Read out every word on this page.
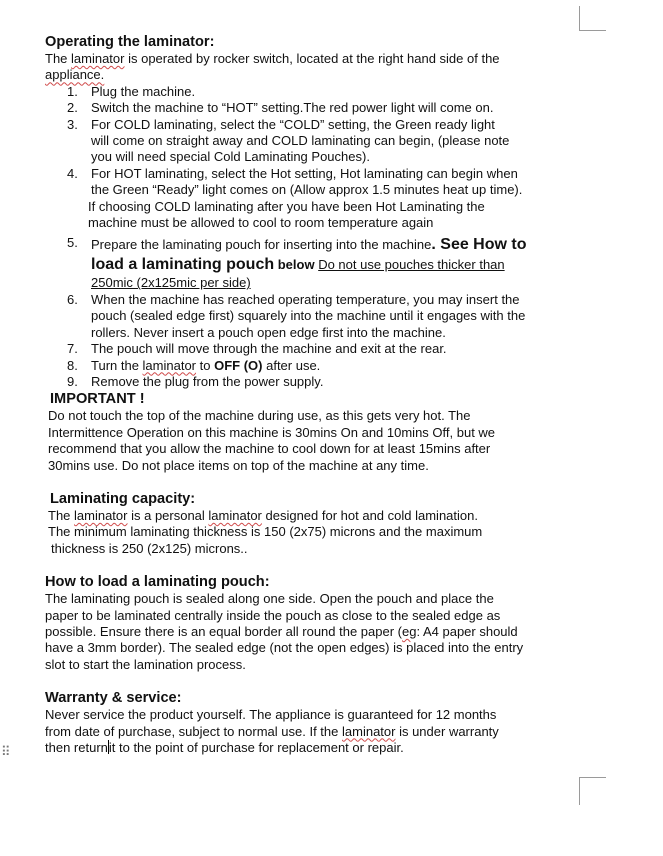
⠿
Operating the laminator:
The laminator is operated by rocker switch, located at the right hand side of the
appliance.
1. Plug the machine.
2. Switch the machine to “HOT” setting.The red power light will come on.
3. For COLD laminating, select the “COLD” setting, the Green ready light
will come on straight away and COLD laminating can begin, (please note
you will need special Cold Laminating Pouches).
4. For HOT laminating, select the Hot setting, Hot laminating can begin when
the Green “Ready” light comes on (Allow approx 1.5 minutes heat up time).
If choosing COLD laminating after you have been Hot Laminating the
machine must be allowed to cool to room temperature again
5. Prepare the laminating pouch for inserting into the machine. See How to
load a laminating pouch below Do not use pouches thicker than
250mic (2x125mic per side)
6. When the machine has reached operating temperature, you may insert the
pouch (sealed edge first) squarely into the machine until it engages with the
rollers. Never insert a pouch open edge first into the machine.
7. The pouch will move through the machine and exit at the rear.
8. Turn the laminator to OFF (O) after use.
9. Remove the plug from the power supply.
IMPORTANT !
Do not touch the top of the machine during use, as this gets very hot. The
Intermittence Operation on this machine is 30mins On and 10mins Off, but we
recommend that you allow the machine to cool down for at least 15mins after
30mins use. Do not place items on top of the machine at any time.
Laminating capacity:
The laminator is a personal laminator designed for hot and cold lamination.
The minimum laminating thickness is 150 (2x75) microns and the maximum
thickness is 250 (2x125) microns..
How to load a laminating pouch:
The laminating pouch is sealed along one side. Open the pouch and place the
paper to be laminated centrally inside the pouch as close to the sealed edge as
possible. Ensure there is an equal border all round the paper (eg: A4 paper should
have a 3mm border). The sealed edge (not the open edges) is placed into the entry
slot to start the lamination process.
Warranty & service:
Never service the product yourself. The appliance is guaranteed for 12 months
from date of purchase, subject to normal use. If the laminator is under warranty
then returnit to the point of purchase for replacement or repair.
